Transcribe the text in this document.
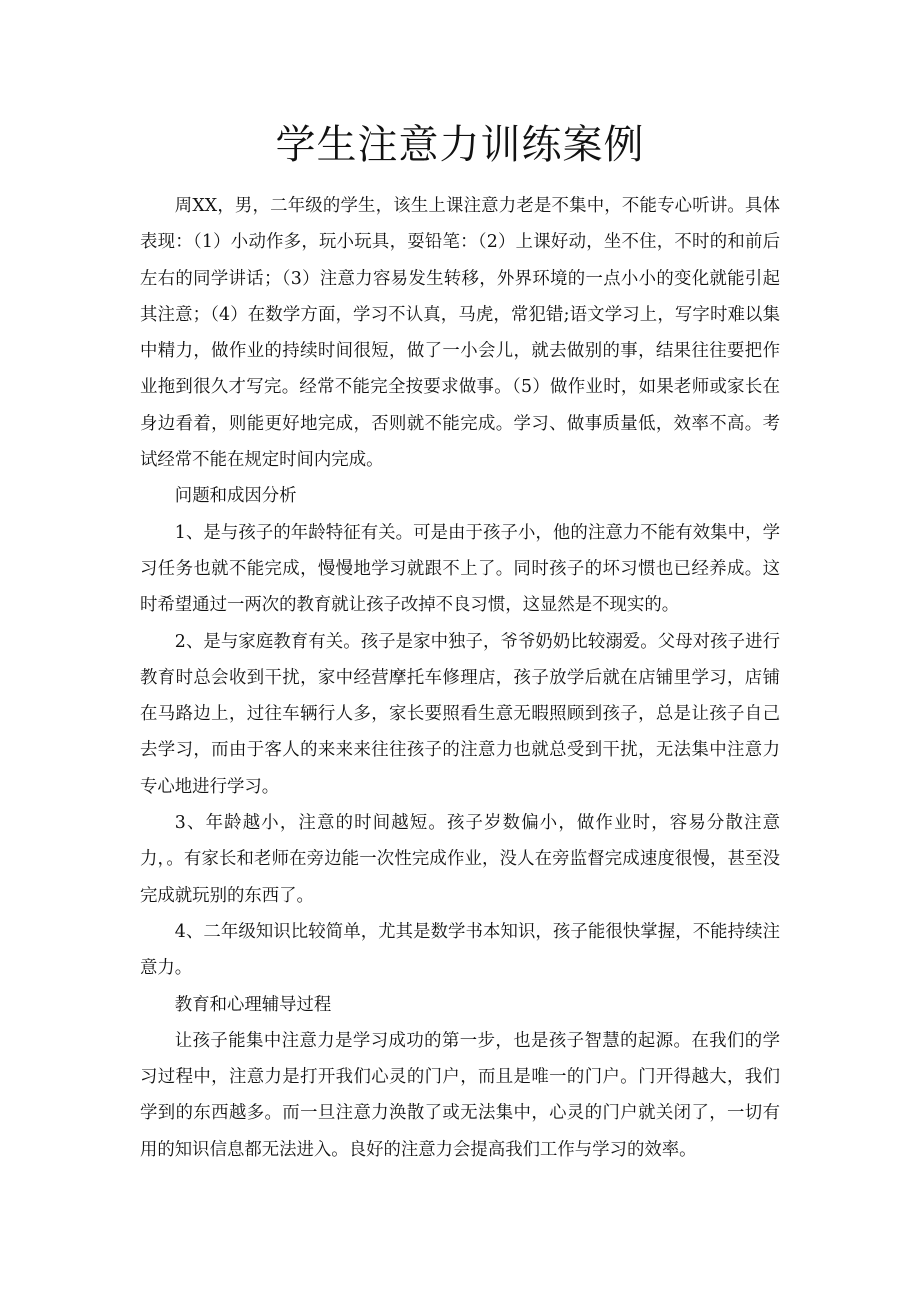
学生注意力训练案例

周XX，男，二年级的学生，该生上课注意力老是不集中，不能专心听讲。具体表现：（1）小动作多，玩小玩具，耍铅笔：（2）上课好动，坐不住，不时的和前后左右的同学讲话；（3）注意力容易发生转移，外界环境的一点小小的变化就能引起其注意；（4）在数学方面，学习不认真，马虎，常犯错;语文学习上，写字时难以集中精力，做作业的持续时间很短，做了一小会儿，就去做别的事，结果往往要把作业拖到很久才写完。经常不能完全按要求做事。（5）做作业时，如果老师或家长在身边看着，则能更好地完成，否则就不能完成。学习、做事质量低，效率不高。考试经常不能在规定时间内完成。

问题和成因分析

1、是与孩子的年龄特征有关。可是由于孩子小，他的注意力不能有效集中，学习任务也就不能完成，慢慢地学习就跟不上了。同时孩子的坏习惯也已经养成。这时希望通过一两次的教育就让孩子改掉不良习惯，这显然是不现实的。

2、是与家庭教育有关。孩子是家中独子，爷爷奶奶比较溺爱。父母对孩子进行教育时总会收到干扰，家中经营摩托车修理店，孩子放学后就在店铺里学习，店铺在马路边上，过往车辆行人多，家长要照看生意无暇照顾到孩子，总是让孩子自己去学习，而由于客人的来来来往往孩子的注意力也就总受到干扰，无法集中注意力专心地进行学习。

3、年龄越小，注意的时间越短。孩子岁数偏小，做作业时，容易分散注意力，。有家长和老师在旁边能一次性完成作业，没人在旁监督完成速度很慢，甚至没完成就玩别的东西了。

4、二年级知识比较简单，尤其是数学书本知识，孩子能很快掌握，不能持续注意力。

教育和心理辅导过程

让孩子能集中注意力是学习成功的第一步，也是孩子智慧的起源。在我们的学习过程中，注意力是打开我们心灵的门户，而且是唯一的门户。门开得越大，我们学到的东西越多。而一旦注意力涣散了或无法集中，心灵的门户就关闭了，一切有用的知识信息都无法进入。良好的注意力会提高我们工作与学习的效率。
